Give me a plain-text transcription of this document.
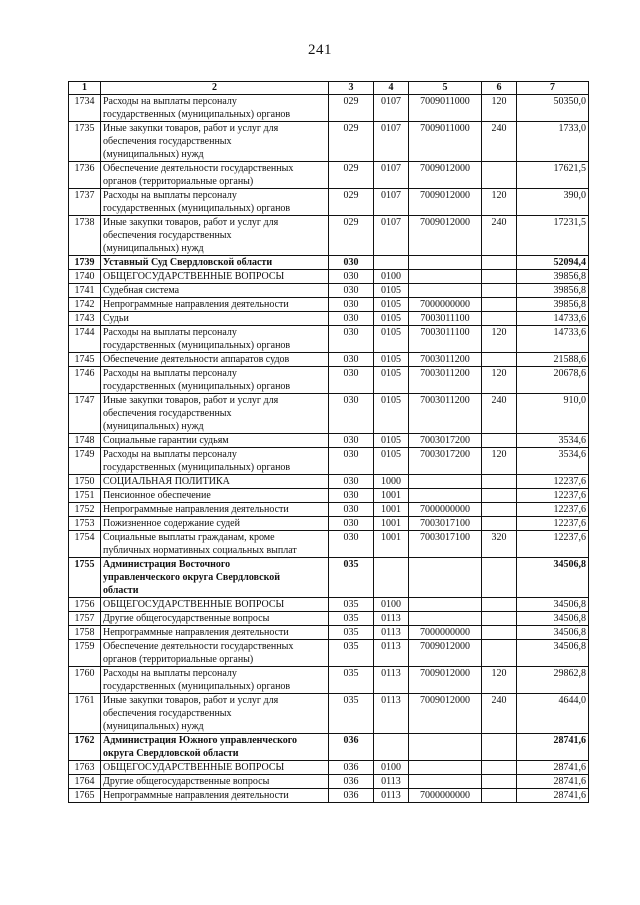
241
1	2	3	4	5	6	7
1734	Расходы на выплаты персоналу
государственных (муниципальных) органов	029	0107	7009011000	120	50350,0
1735	Иные закупки товаров, работ и услуг для
обеспечения государственных
(муниципальных) нужд	029	0107	7009011000	240	1733,0
1736	Обеспечение деятельности государственных
органов (территориальные органы)	029	0107	7009012000		17621,5
1737	Расходы на выплаты персоналу
государственных (муниципальных) органов	029	0107	7009012000	120	390,0
1738	Иные закупки товаров, работ и услуг для
обеспечения государственных
(муниципальных) нужд	029	0107	7009012000	240	17231,5
1739	Уставный Суд Свердловской области	030				52094,4
1740	ОБЩЕГОСУДАРСТВЕННЫЕ ВОПРОСЫ	030	0100			39856,8
1741	Судебная система	030	0105			39856,8
1742	Непрограммные направления деятельности	030	0105	7000000000		39856,8
1743	Судьи	030	0105	7003011100		14733,6
1744	Расходы на выплаты персоналу
государственных (муниципальных) органов	030	0105	7003011100	120	14733,6
1745	Обеспечение деятельности аппаратов судов	030	0105	7003011200		21588,6
1746	Расходы на выплаты персоналу
государственных (муниципальных) органов	030	0105	7003011200	120	20678,6
1747	Иные закупки товаров, работ и услуг для
обеспечения государственных
(муниципальных) нужд	030	0105	7003011200	240	910,0
1748	Социальные гарантии судьям	030	0105	7003017200		3534,6
1749	Расходы на выплаты персоналу
государственных (муниципальных) органов	030	0105	7003017200	120	3534,6
1750	СОЦИАЛЬНАЯ ПОЛИТИКА	030	1000			12237,6
1751	Пенсионное обеспечение	030	1001			12237,6
1752	Непрограммные направления деятельности	030	1001	7000000000		12237,6
1753	Пожизненное содержание судей	030	1001	7003017100		12237,6
1754	Социальные выплаты гражданам, кроме
публичных нормативных социальных выплат	030	1001	7003017100	320	12237,6
1755	Администрация Восточного
управленческого округа Свердловской
области	035				34506,8
1756	ОБЩЕГОСУДАРСТВЕННЫЕ ВОПРОСЫ	035	0100			34506,8
1757	Другие общегосударственные вопросы	035	0113			34506,8
1758	Непрограммные направления деятельности	035	0113	7000000000		34506,8
1759	Обеспечение деятельности государственных
органов (территориальные органы)	035	0113	7009012000		34506,8
1760	Расходы на выплаты персоналу
государственных (муниципальных) органов	035	0113	7009012000	120	29862,8
1761	Иные закупки товаров, работ и услуг для
обеспечения государственных
(муниципальных) нужд	035	0113	7009012000	240	4644,0
1762	Администрация Южного управленческого
округа Свердловской области	036				28741,6
1763	ОБЩЕГОСУДАРСТВЕННЫЕ ВОПРОСЫ	036	0100			28741,6
1764	Другие общегосударственные вопросы	036	0113			28741,6
1765	Непрограммные направления деятельности	036	0113	7000000000		28741,6
